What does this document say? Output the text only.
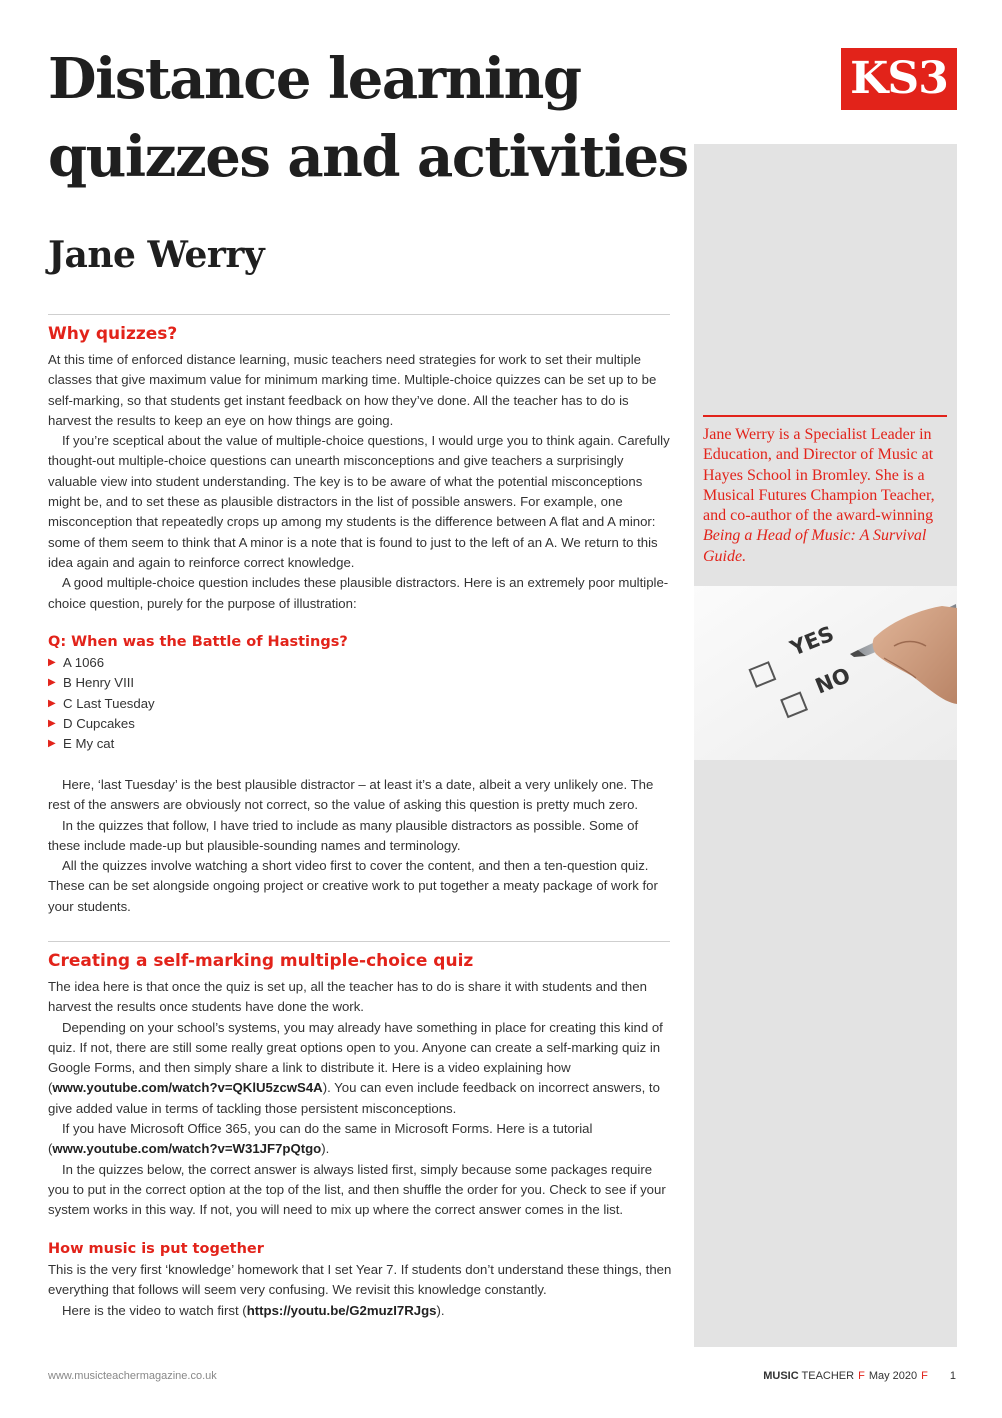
Distance learning quizzes and activities
Jane Werry
KS3

Jane Werry is a Specialist Leader in Education, and Director of Music at Hayes School in Bromley. She is a Musical Futures Champion Teacher, and co-author of the award-winning Being a Head of Music: A Survival Guide.

YES
NO
Why quizzes?

At this time of enforced distance learning, music teachers need strategies for work to set their multiple classes that give maximum value for minimum marking time. Multiple-choice quizzes can be set up to be self-marking, so that students get instant feedback on how they’ve done. All the teacher has to do is harvest the results to keep an eye on how things are going.

If you’re sceptical about the value of multiple-choice questions, I would urge you to think again. Carefully thought-out multiple-choice questions can unearth misconceptions and give teachers a surprisingly valuable view into student understanding. The key is to be aware of what the potential misconceptions might be, and to set these as plausible distractors in the list of possible answers. For example, one misconception that repeatedly crops up among my students is the difference between A flat and A minor: some of them seem to think that A minor is a note that is found to just to the left of an A. We return to this idea again and again to reinforce correct knowledge.

A good multiple-choice question includes these plausible distractors. Here is an extremely poor multiple-choice question, purely for the purpose of illustration:

Q: When was the Battle of Hastings?
▶ A 1066
▶ B Henry VIII
▶ C Last Tuesday
▶ D Cupcakes
▶ E My cat

Here, ‘last Tuesday’ is the best plausible distractor – at least it’s a date, albeit a very unlikely one. The rest of the answers are obviously not correct, so the value of asking this question is pretty much zero.

In the quizzes that follow, I have tried to include as many plausible distractors as possible. Some of these include made-up but plausible-sounding names and terminology.

All the quizzes involve watching a short video first to cover the content, and then a ten-question quiz. These can be set alongside ongoing project or creative work to put together a meaty package of work for your students.

Creating a self-marking multiple-choice quiz

The idea here is that once the quiz is set up, all the teacher has to do is share it with students and then harvest the results once students have done the work.

Depending on your school’s systems, you may already have something in place for creating this kind of quiz. If not, there are still some really great options open to you. Anyone can create a self-marking quiz in Google Forms, and then simply share a link to distribute it. Here is a video explaining how (www.youtube.com/watch?v=QKlU5zcwS4A). You can even include feedback on incorrect answers, to give added value in terms of tackling those persistent misconceptions.

If you have Microsoft Office 365, you can do the same in Microsoft Forms. Here is a tutorial (www.youtube.com/watch?v=W31JF7pQtgo).

In the quizzes below, the correct answer is always listed first, simply because some packages require you to put in the correct option at the top of the list, and then shuffle the order for you. Check to see if your system works in this way. If not, you will need to mix up where the correct answer comes in the list.

How music is put together

This is the very first ‘knowledge’ homework that I set Year 7. If students don’t understand these things, then everything that follows will seem very confusing. We revisit this knowledge constantly.

Here is the video to watch first (https://youtu.be/G2muzI7RJgs).

www.musicteachermagazine.co.uk	MUSIC TEACHER F May 2020 F 1
